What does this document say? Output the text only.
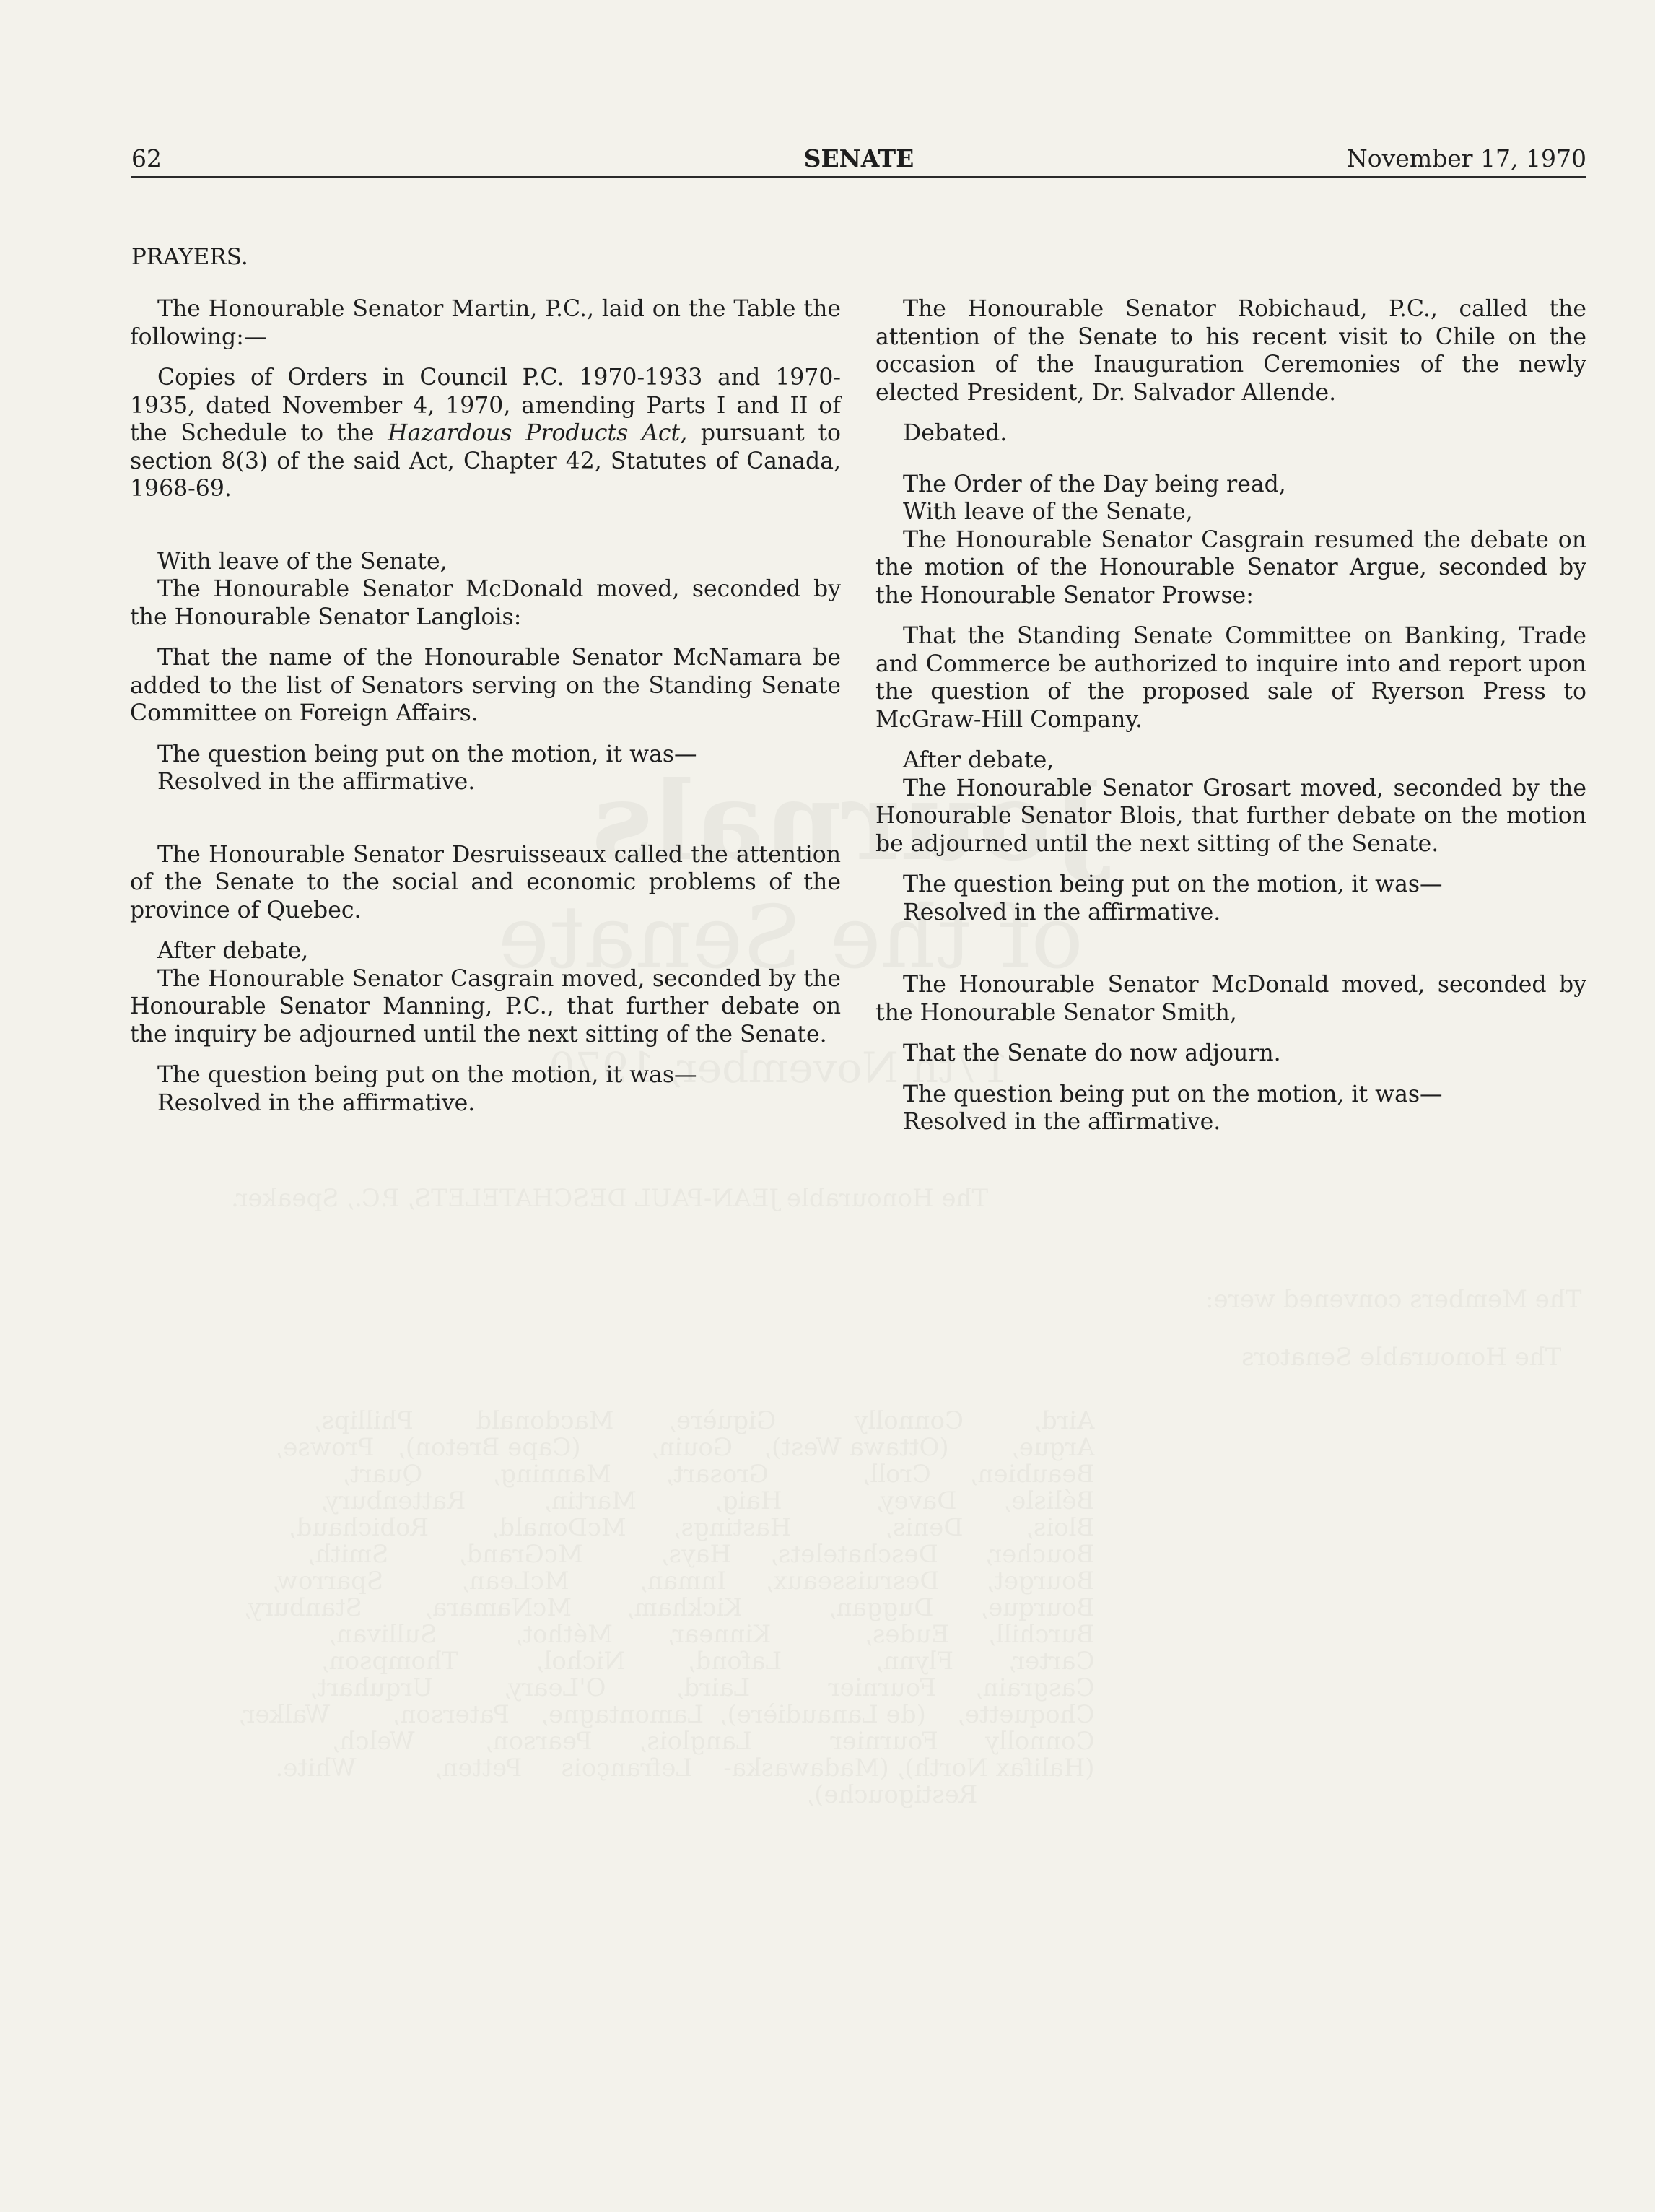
62	SENATE	November 17, 1970
PRAYERS.

The Honourable Senator Martin, P.C., laid on the Table the following:—

Copies of Orders in Council P.C. 1970-1933 and 1970-1935, dated November 4, 1970, amending Parts I and II of the Schedule to the Hazardous Products Act, pursuant to section 8(3) of the said Act, Chapter 42, Statutes of Canada, 1968-69.

With leave of the Senate,

The Honourable Senator McDonald moved, seconded by the Honourable Senator Langlois:

That the name of the Honourable Senator McNamara be added to the list of Senators serving on the Standing Senate Committee on Foreign Affairs.

The question being put on the motion, it was—

Resolved in the affirmative.

The Honourable Senator Desruisseaux called the attention of the Senate to the social and economic problems of the province of Quebec.

After debate,

The Honourable Senator Casgrain moved, seconded by the Honourable Senator Manning, P.C., that further debate on the inquiry be adjourned until the next sitting of the Senate.

The question being put on the motion, it was—

Resolved in the affirmative.

The Honourable Senator Robichaud, P.C., called the attention of the Senate to his recent visit to Chile on the occasion of the Inauguration Ceremonies of the newly elected President, Dr. Salvador Allende.

Debated.

The Order of the Day being read,

With leave of the Senate,

The Honourable Senator Casgrain resumed the debate on the motion of the Honourable Senator Argue, seconded by the Honourable Senator Prowse:

That the Standing Senate Committee on Banking, Trade and Commerce be authorized to inquire into and report upon the question of the proposed sale of Ryerson Press to McGraw-Hill Company.

After debate,

The Honourable Senator Grosart moved, seconded by the Honourable Senator Blois, that further debate on the motion be adjourned until the next sitting of the Senate.

The question being put on the motion, it was—

Resolved in the affirmative.

The Honourable Senator McDonald moved, seconded by the Honourable Senator Smith,

That the Senate do now adjourn.

The question being put on the motion, it was—

Resolved in the affirmative.
